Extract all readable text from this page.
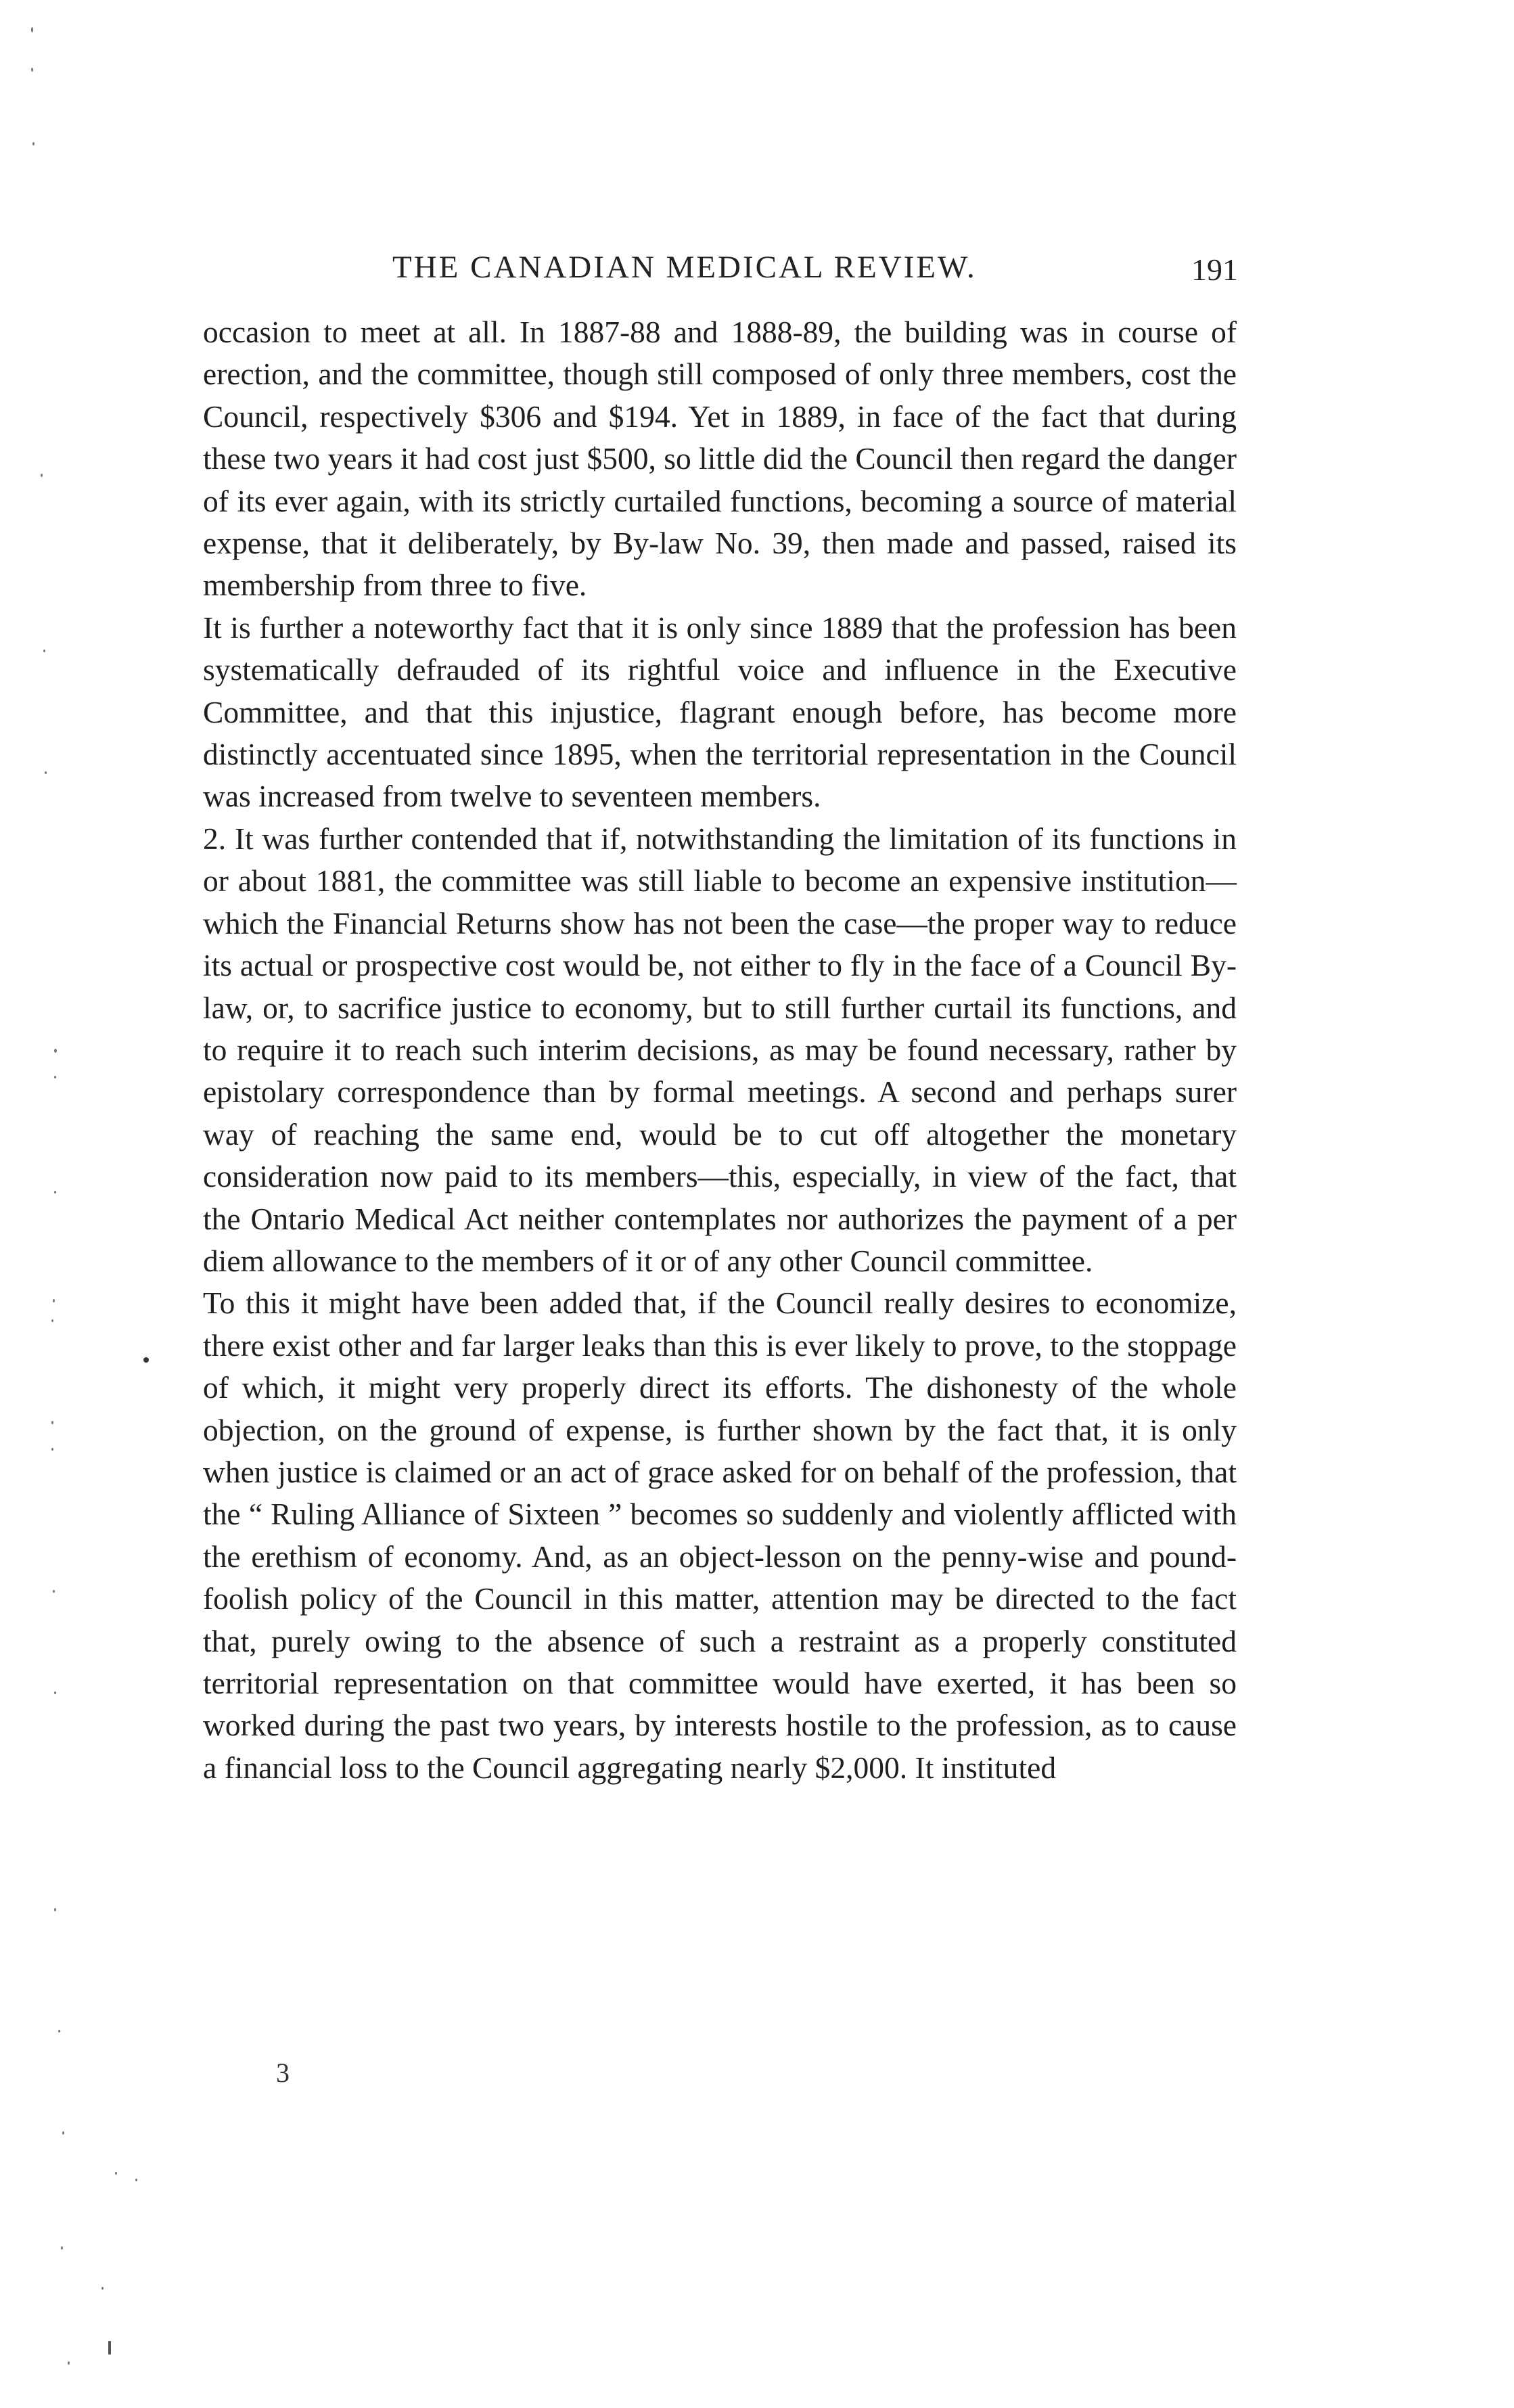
THE CANADIAN MEDICAL REVIEW.	191

occasion to meet at all. In 1887-88 and 1888-89, the building was in course of erection, and the committee, though still composed of only three members, cost the Council, respectively $306 and $194. Yet in 1889, in face of the fact that during these two years it had cost just $500, so little did the Council then regard the danger of its ever again, with its strictly curtailed functions, becoming a source of material expense, that it deliberately, by By-law No. 39, then made and passed, raised its membership from three to five.

It is further a noteworthy fact that it is only since 1889 that the profession has been systematically defrauded of its rightful voice and influence in the Executive Committee, and that this injustice, flagrant enough before, has become more distinctly accentuated since 1895, when the territorial representation in the Council was increased from twelve to seventeen members.

2. It was further contended that if, notwithstanding the limitation of its functions in or about 1881, the committee was still liable to become an expensive institution—which the Financial Returns show has not been the case—the proper way to reduce its actual or prospective cost would be, not either to fly in the face of a Council By-law, or, to sacrifice justice to economy, but to still further curtail its functions, and to require it to reach such interim decisions, as may be found necessary, rather by epistolary correspondence than by formal meetings. A second and perhaps surer way of reaching the same end, would be to cut off altogether the monetary consideration now paid to its members—this, especially, in view of the fact, that the Ontario Medical Act neither contemplates nor authorizes the payment of a per diem allowance to the members of it or of any other Council committee.

To this it might have been added that, if the Council really desires to economize, there exist other and far larger leaks than this is ever likely to prove, to the stoppage of which, it might very properly direct its efforts. The dishonesty of the whole objection, on the ground of expense, is further shown by the fact that, it is only when justice is claimed or an act of grace asked for on behalf of the profession, that the “ Ruling Alliance of Sixteen ” becomes so suddenly and violently afflicted with the erethism of economy. And, as an object-lesson on the penny-wise and pound-foolish policy of the Council in this matter, attention may be directed to the fact that, purely owing to the absence of such a restraint as a properly constituted territorial representation on that committee would have exerted, it has been so worked during the past two years, by interests hostile to the profession, as to cause a financial loss to the Council aggregating nearly $2,000. It instituted

3
